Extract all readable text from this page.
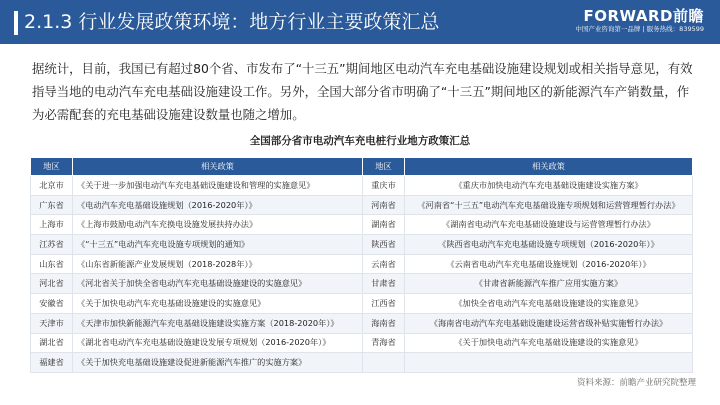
2.1.3 行业发展政策环境：地方行业主要政策汇总	FORWARD前瞻
中国产业咨询第一品牌 | 服务热线：839599

据统计，目前，我国已有超过80个省、市发布了“十三五”期间地区电动汽车充电基础设施建设规划或相关指导意见，有效指导当地的电动汽车充电基础设施建设工作。另外，全国大部分省市明确了“十三五”期间地区的新能源汽车产销数量，作为必需配套的充电基础设施建设数量也随之增加。

全国部分省市电动汽车充电桩行业地方政策汇总
地区	相关政策	地区	相关政策
北京市	《关于进一步加强电动汽车充电基础设施建设和管理的实施意见》	重庆市	《重庆市加快电动汽车充电基础设施建设实施方案》
广东省	《电动汽车充电基础设施规划（2016-2020年）》	河南省	《河南省“十三五”电动汽车充电基础设施专项规划和运营管理暂行办法》
上海市	《上海市鼓励电动汽车充换电设施发展扶持办法》	湖南省	《湖南省电动汽车充电基础设施建设与运营管理暂行办法》
江苏省	《“十三五”电动汽车充电设施专项规划的通知》	陕西省	《陕西省电动汽车充电基础设施专项规划（2016-2020年）》
山东省	《山东省新能源产业发展规划（2018-2028年）》	云南省	《云南省电动汽车充电基础设施规划（2016-2020年）》
河北省	《河北省关于加快全省电动汽车充电基础设施建设的实施意见》	甘肃省	《甘肃省新能源汽车推广应用实施方案》
安徽省	《关于加快电动汽车充电基础设施建设的实施意见》	江西省	《加快全省电动汽车充电基础设施建设的实施意见》
天津市	《天津市加快新能源汽车充电基础设施建设实施方案（2018-2020年）》	海南省	《海南省电动汽车充电基础设施建设运营省级补贴实施暂行办法》
湖北省	《湖北省电动汽车充电基础设施建设发展专项规划（2016-2020年）》	青海省	《关于加快电动汽车充电基础设施建设的实施意见》
福建省	《关于加快充电基础设施建设促进新能源汽车推广的实施方案》		
资料来源：前瞻产业研究院整理
